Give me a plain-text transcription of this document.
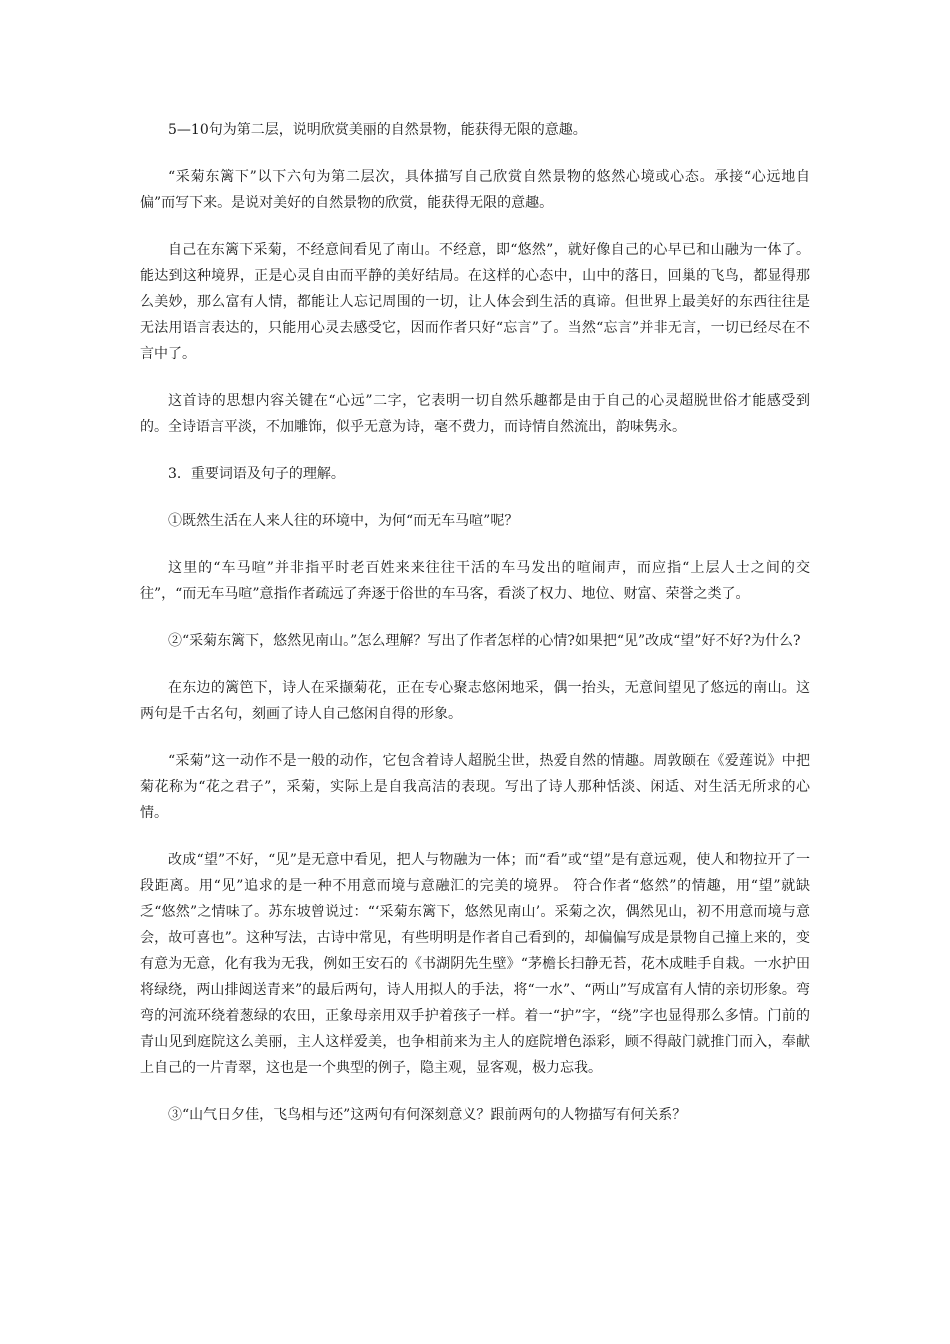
5—10句为第二层，说明欣赏美丽的自然景物，能获得无限的意趣。

“采菊东篱下”以下六句为第二层次，具体描写自己欣赏自然景物的悠然心境或心态。承接“心远地自偏”而写下来。是说对美好的自然景物的欣赏，能获得无限的意趣。

自己在东篱下采菊，不经意间看见了南山。不经意，即“悠然”，就好像自己的心早已和山融为一体了。能达到这种境界，正是心灵自由而平静的美好结局。在这样的心态中，山中的落日，回巢的飞鸟，都显得那么美妙，那么富有人情，都能让人忘记周围的一切，让人体会到生活的真谛。但世界上最美好的东西往往是无法用语言表达的，只能用心灵去感受它，因而作者只好“忘言”了。当然“忘言”并非无言，一切已经尽在不言中了。

这首诗的思想内容关键在“心远”二字，它表明一切自然乐趣都是由于自己的心灵超脱世俗才能感受到的。全诗语言平淡，不加雕饰，似乎无意为诗，毫不费力，而诗情自然流出，韵味隽永。

3．重要词语及句子的理解。

①既然生活在人来人往的环境中，为何“而无车马喧”呢？

这里的“车马喧”并非指平时老百姓来来往往干活的车马发出的喧闹声，而应指“上层人士之间的交往”，“而无车马喧”意指作者疏远了奔逐于俗世的车马客，看淡了权力、地位、财富、荣誉之类了。

②“采菊东篱下，悠然见南山。”怎么理解？写出了作者怎样的心情?如果把“见”改成“望”好不好?为什么?

在东边的篱笆下，诗人在采撷菊花，正在专心聚志悠闲地采，偶一抬头，无意间望见了悠远的南山。这两句是千古名句，刻画了诗人自己悠闲自得的形象。

“采菊”这一动作不是一般的动作，它包含着诗人超脱尘世，热爱自然的情趣。周敦颐在《爱莲说》中把菊花称为“花之君子”，采菊，实际上是自我高洁的表现。写出了诗人那种恬淡、闲适、对生活无所求的心情。

改成“望”不好，“见”是无意中看见，把人与物融为一体；而“看”或“望”是有意远观，使人和物拉开了一段距离。用“见”追求的是一种不用意而境与意融汇的完美的境界。 符合作者“悠然”的情趣，用“望”就缺乏“悠然”之情味了。苏东坡曾说过：“‘采菊东篱下，悠然见南山’。采菊之次，偶然见山，初不用意而境与意会，故可喜也”。这种写法，古诗中常见，有些明明是作者自己看到的，却偏偏写成是景物自己撞上来的，变有意为无意，化有我为无我，例如王安石的《书湖阴先生壁》“茅檐长扫静无苔，花木成畦手自栽。一水护田将绿绕，两山排闼送青来”的最后两句，诗人用拟人的手法，将“一水”、“两山”写成富有人情的亲切形象。弯弯的河流环绕着葱绿的农田，正象母亲用双手护着孩子一样。着一“护”字，“绕”字也显得那么多情。门前的青山见到庭院这么美丽，主人这样爱美，也争相前来为主人的庭院增色添彩，顾不得敲门就推门而入，奉献上自己的一片青翠，这也是一个典型的例子，隐主观，显客观，极力忘我。

③“山气日夕佳，飞鸟相与还”这两句有何深刻意义？跟前两句的人物描写有何关系？
